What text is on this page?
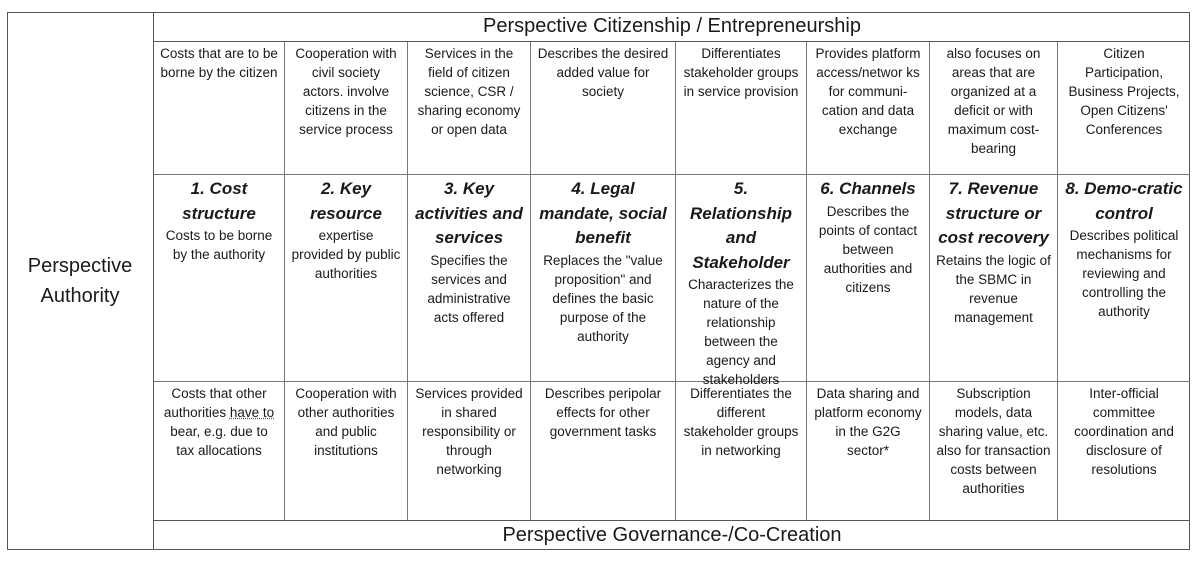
Perspective
Authority
Perspective Citizenship / Entrepreneurship
Costs that are to be borne by the citizen
1. Cost structure
Costs to be borne by the authority
Costs that other authorities have to bear, e.g. due to tax allocations
Cooperation with civil society actors. involve citizens in the service process
2. Key resource
expertise provided by public authorities
Cooperation with other authorities and public institutions
Services in the field of citizen science, CSR / sharing economy or open data
3. Key activities and services
Specifies the services and administrative acts offered
Services provided in shared responsibility or through networking
Describes the desired added value for society
4. Legal mandate, social benefit
Replaces the "value proposition" and defines the basic purpose of the authority
Describes peripolar effects for other government tasks
Differentiates stakeholder groups in service provision
5. Relationship and Stakeholder
Characterizes the nature of the relationship between the agency and stakeholders
Differentiates the different stakeholder groups in networking
Provides platform access/networ ks for communi-cation and data exchange
6. Channels
Describes the points of contact between authorities and citizens
Data sharing and platform economy in the G2G sector*
also focuses on areas that are organized at a deficit or with maximum cost-bearing
7. Revenue structure or cost recovery
Retains the logic of the SBMC in revenue management
Subscription models, data sharing value, etc. also for transaction costs between authorities
Citizen Participation, Business Projects, Open Citizens' Conferences
8. Demo-cratic control
Describes political mechanisms for reviewing and controlling the authority
Inter-official committee coordination and disclosure of resolutions
Perspective Governance-/Co-Creation
